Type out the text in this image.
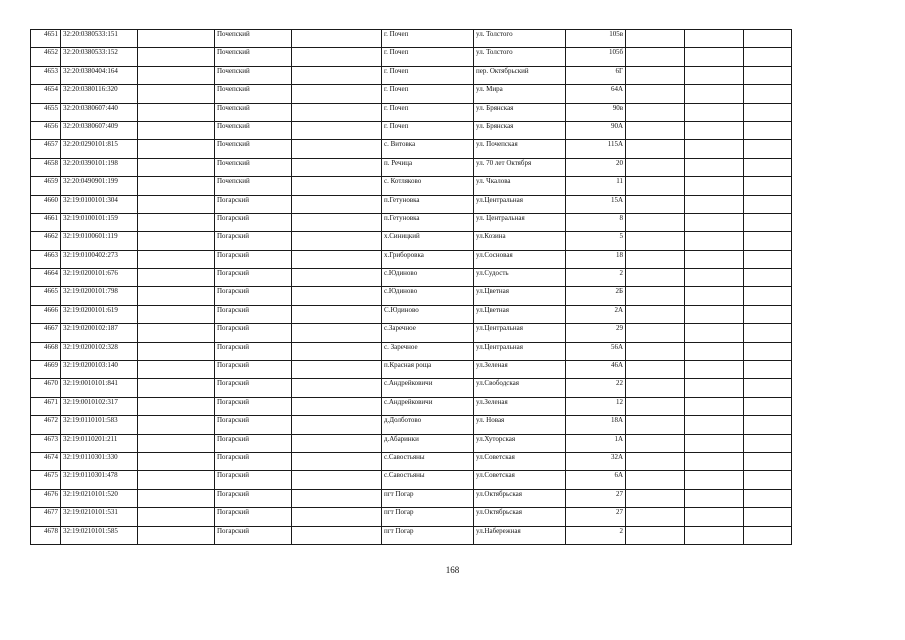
4651	32:20:0380533:151		Почепский		г. Почеп	ул. Толстого	105в			
4652	32:20:0380533:152		Почепский		г. Почеп	ул. Толстого	105б			
4653	32:20:0380404:164		Почепский		г. Почеп	пер. Октябрьский	6Г			
4654	32:20:0380116:320		Почепский		г. Почеп	ул. Мира	64А			
4655	32:20:0380607:440		Почепский		г. Почеп	ул. Брянская	90в			
4656	32:20:0380607:409		Почепский		г. Почеп	ул. Брянская	90А			
4657	32:20:0290101:815		Почепский		с. Витовка	ул. Почепская	115А			
4658	32:20:0390101:198		Почепский		п. Речица	ул. 70 лет Октября	20			
4659	32:20:0490901:199		Почепский		с. Котляково	ул. Чкалова	11			
4660	32:19:0100101:304		Погарский		п.Гетуновка	ул.Центральная	15А			
4661	32:19:0100101:159		Погарский		п.Гетуновка	ул. Центральная	8			
4662	32:19:0100601:119		Погарский		х.Синицкий	ул.Козина	5			
4663	32:19:0100402:273		Погарский		х.Гриборовка	ул.Сосновая	18			
4664	32:19:0200101:676		Погарский		с.Юдиново	ул.Судость	2			
4665	32:19:0200101:798		Погарский		с.Юдиново	ул.Цветная	2Б			
4666	32:19:0200101:619		Погарский		С.Юдиново	ул.Цветная	2А			
4667	32:19:0200102:187		Погарский		с.Заречное	ул.Центральная	29			
4668	32:19:0200102:328		Погарский		с. Заречное	ул.Центральная	56А			
4669	32:19:0200103:140		Погарский		п.Красная роща	ул.Зеленая	46А			
4670	32:19:0010101:841		Погарский		с.Андрейковичи	ул.Свободская	22			
4671	32:19:0010102:317		Погарский		с.Андрейковичи	ул.Зеленая	12			
4672	32:19:0110101:583		Погарский		д.Долботово	ул. Новая	18А			
4673	32:19:0110201:211		Погарский		д.Абаринки	ул.Хуторская	1А			
4674	32:19:0110301:330		Погарский		с.Савостьяны	ул.Советская	32А			
4675	32:19:0110301:478		Погарский		с.Савостьяны	ул.Советская	6А			
4676	32:19:0210101:520		Погарский		пгт Погар	ул.Октябрьская	27			
4677	32:19:0210101:531		Погарский		пгт Погар	ул.Октябрьская	27			
4678	32:19:0210101:585		Погарский		пгт Погар	ул.Набережная	2			
168
